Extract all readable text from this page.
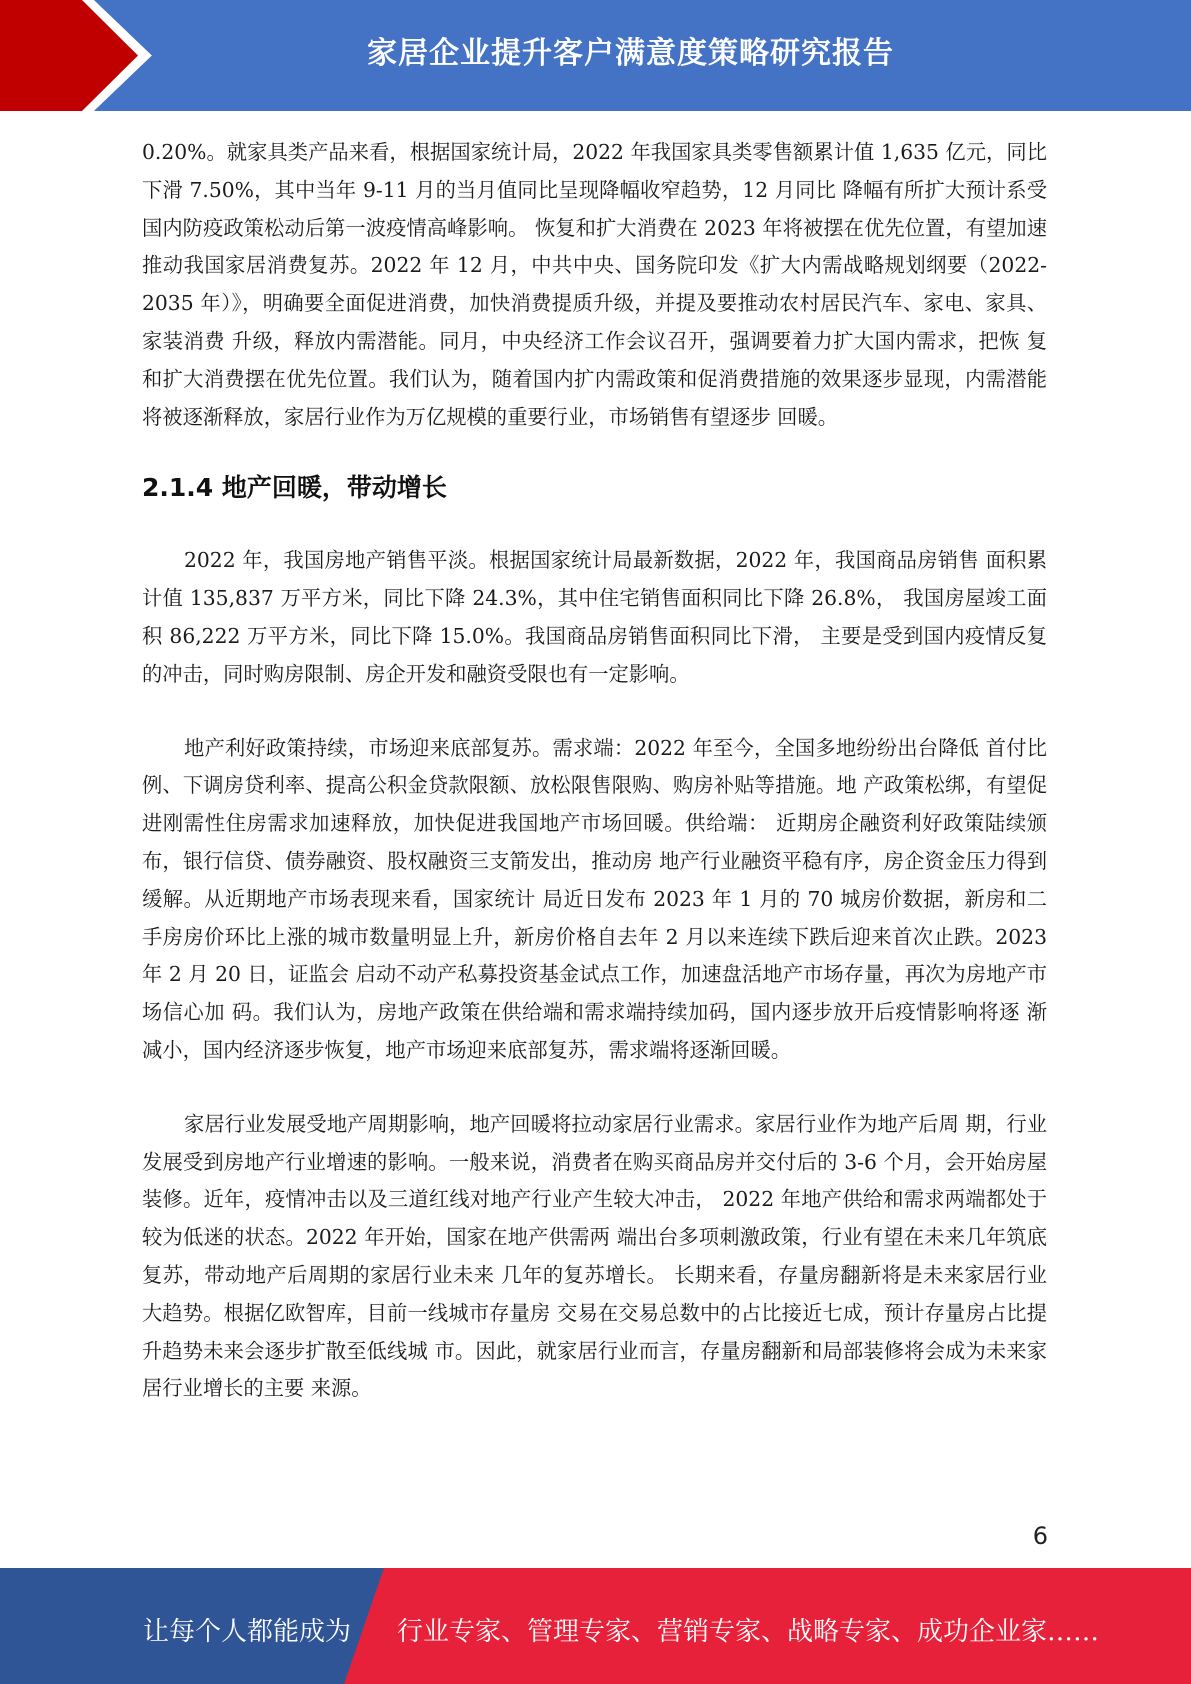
家居企业提升客户满意度策略研究报告

0.20%。就家具类产品来看，根据国家统计局，2022 年我国家具类零售额累计值 1,635 亿元，同比下滑 7.50%，其中当年 9-11 月的当月值同比呈现降幅收窄趋势，12 月同比 降幅有所扩大预计系受国内防疫政策松动后第一波疫情高峰影响。 恢复和扩大消费在 2023 年将被摆在优先位置，有望加速推动我国家居消费复苏。2022 年 12 月，中共中央、国务院印发《扩大内需战略规划纲要（2022-2035 年）》，明确要全面促进消费，加快消费提质升级，并提及要推动农村居民汽车、家电、家具、家装消费 升级，释放内需潜能。同月，中央经济工作会议召开，强调要着力扩大国内需求，把恢 复和扩大消费摆在优先位置。我们认为，随着国内扩内需政策和促消费措施的效果逐步显现，内需潜能将被逐渐释放，家居行业作为万亿规模的重要行业，市场销售有望逐步 回暖。

2.1.4 地产回暖，带动增长

2022 年，我国房地产销售平淡。根据国家统计局最新数据，2022 年，我国商品房销售 面积累计值 135,837 万平方米，同比下降 24.3%，其中住宅销售面积同比下降 26.8%， 我国房屋竣工面积 86,222 万平方米，同比下降 15.0%。我国商品房销售面积同比下滑， 主要是受到国内疫情反复的冲击，同时购房限制、房企开发和融资受限也有一定影响。

地产利好政策持续，市场迎来底部复苏。需求端：2022 年至今，全国多地纷纷出台降低 首付比例、下调房贷利率、提高公积金贷款限额、放松限售限购、购房补贴等措施。地 产政策松绑，有望促进刚需性住房需求加速释放，加快促进我国地产市场回暖。供给端： 近期房企融资利好政策陆续颁布，银行信贷、债券融资、股权融资三支箭发出，推动房 地产行业融资平稳有序，房企资金压力得到缓解。从近期地产市场表现来看，国家统计 局近日发布 2023 年 1 月的 70 城房价数据，新房和二手房房价环比上涨的城市数量明显上升，新房价格自去年 2 月以来连续下跌后迎来首次止跌。2023 年 2 月 20 日，证监会 启动不动产私募投资基金试点工作，加速盘活地产市场存量，再次为房地产市场信心加 码。我们认为，房地产政策在供给端和需求端持续加码，国内逐步放开后疫情影响将逐 渐减小，国内经济逐步恢复，地产市场迎来底部复苏，需求端将逐渐回暖。

家居行业发展受地产周期影响，地产回暖将拉动家居行业需求。家居行业作为地产后周 期，行业发展受到房地产行业增速的影响。一般来说，消费者在购买商品房并交付后的 3-6 个月，会开始房屋装修。近年，疫情冲击以及三道红线对地产行业产生较大冲击， 2022 年地产供给和需求两端都处于较为低迷的状态。2022 年开始，国家在地产供需两 端出台多项刺激政策，行业有望在未来几年筑底复苏，带动地产后周期的家居行业未来 几年的复苏增长。 长期来看，存量房翻新将是未来家居行业大趋势。根据亿欧智库，目前一线城市存量房 交易在交易总数中的占比接近七成，预计存量房占比提升趋势未来会逐步扩散至低线城 市。因此，就家居行业而言，存量房翻新和局部装修将会成为未来家居行业增长的主要 来源。

6
让每个人都能成为 行业专家、管理专家、营销专家、战略专家、成功企业家……
